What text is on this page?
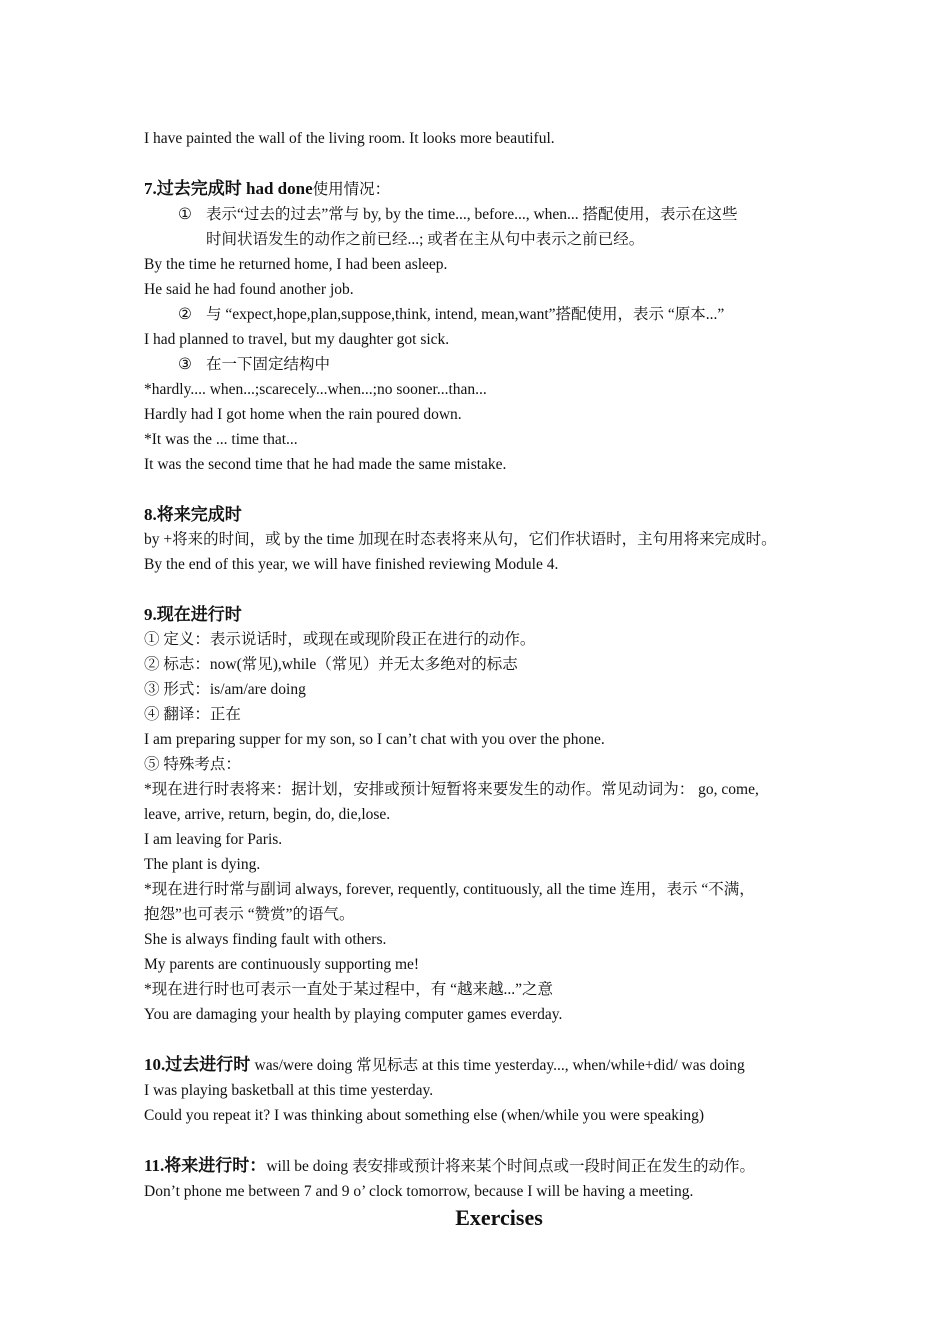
I have painted the wall of the living room. It looks more beautiful.
7.过去完成时 had done使用情况：
① 表示“过去的过去”常与 by, by the time..., before..., when... 搭配使用，表示在这些
时间状语发生的动作之前已经...; 或者在主从句中表示之前已经。
By the time he returned home, I had been asleep.
He said he had found another job.
② 与 “expect,hope,plan,suppose,think, intend, mean,want”搭配使用，表示 “原本...”
I had planned to travel, but my daughter got sick.
③ 在一下固定结构中
*hardly.... when...;scarecely...when...;no sooner...than...
Hardly had I got home when the rain poured down.
*It was the ... time that...
It was the second time that he had made the same mistake.
8.将来完成时
by +将来的时间，或 by the time 加现在时态表将来从句，它们作状语时，主句用将来完成时。
By the end of this year, we will have finished reviewing Module 4.
9.现在进行时
① 定义：表示说话时，或现在或现阶段正在进行的动作。
② 标志：now(常见),while（常见）并无太多绝对的标志
③ 形式：is/am/are doing
④ 翻译：正在
I am preparing supper for my son, so I can’t chat with you over the phone.
⑤ 特殊考点：
*现在进行时表将来：据计划，安排或预计短暂将来要发生的动作。常见动词为： go, come,
leave, arrive, return, begin, do, die,lose.
I am leaving for Paris.
The plant is dying.
*现在进行时常与副词 always, forever, requently, contituously, all the time 连用，表示 “不满，
抱怨”也可表示 “赞赏”的语气。
She is always finding fault with others.
My parents are continuously supporting me!
*现在进行时也可表示一直处于某过程中，有 “越来越...”之意
You are damaging your health by playing computer games everday.
10.过去进行时 was/were doing 常见标志 at this time yesterday..., when/while+did/ was doing
I was playing basketball at this time yesterday.
Could you repeat it? I was thinking about something else (when/while you were speaking)
11.将来进行时：will be doing 表安排或预计将来某个时间点或一段时间正在发生的动作。
Don’t phone me between 7 and 9 o’ clock tomorrow, because I will be having a meeting.
Exercises
